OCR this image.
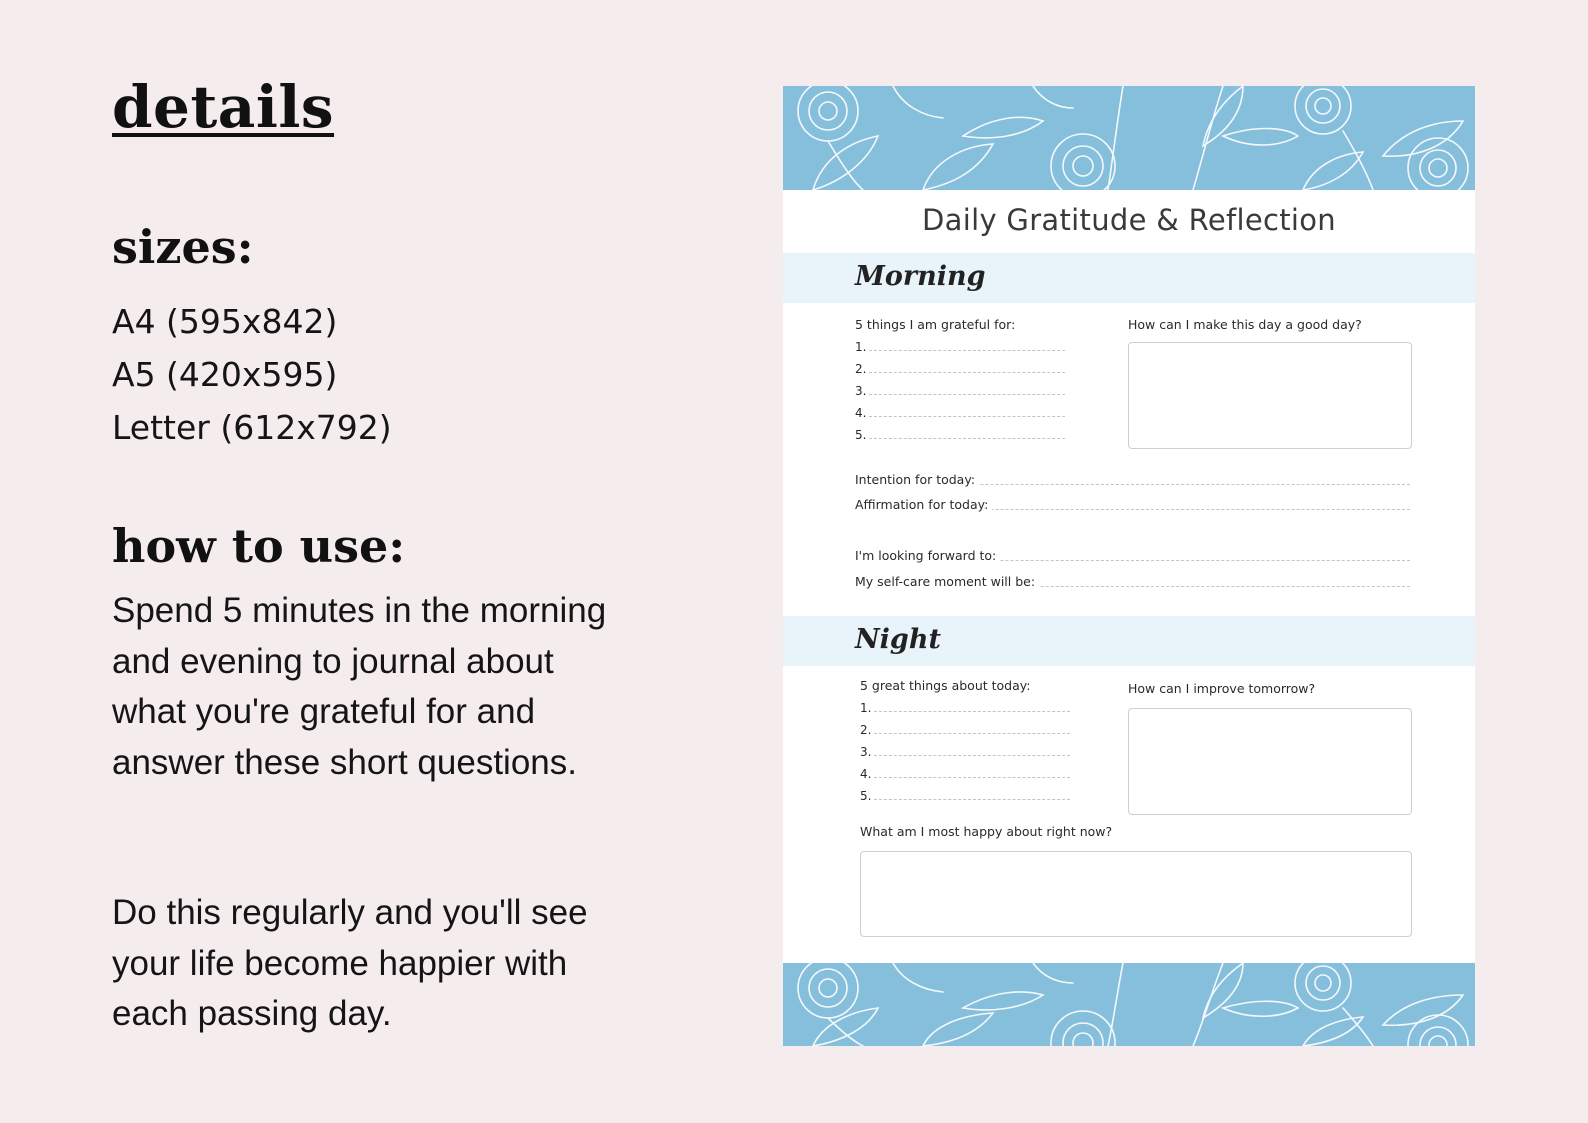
details
sizes:
A4 (595x842)
A5 (420x595)
Letter (612x792)
how to use:

Spend 5 minutes in the morning and evening to journal about what you're grateful for and answer these short questions.

Do this regularly and you'll see your life become happier with each passing day.

Daily Gratitude & Reflection
Morning
5 things I am grateful for:
1.
2.
3.
4.
5.
How can I make this day a good day?
Intention for today:
Affirmation for today:
I'm looking forward to:
My self-care moment will be:
Night
5 great things about today:
1.
2.
3.
4.
5.
How can I improve tomorrow?
What am I most happy about right now?
